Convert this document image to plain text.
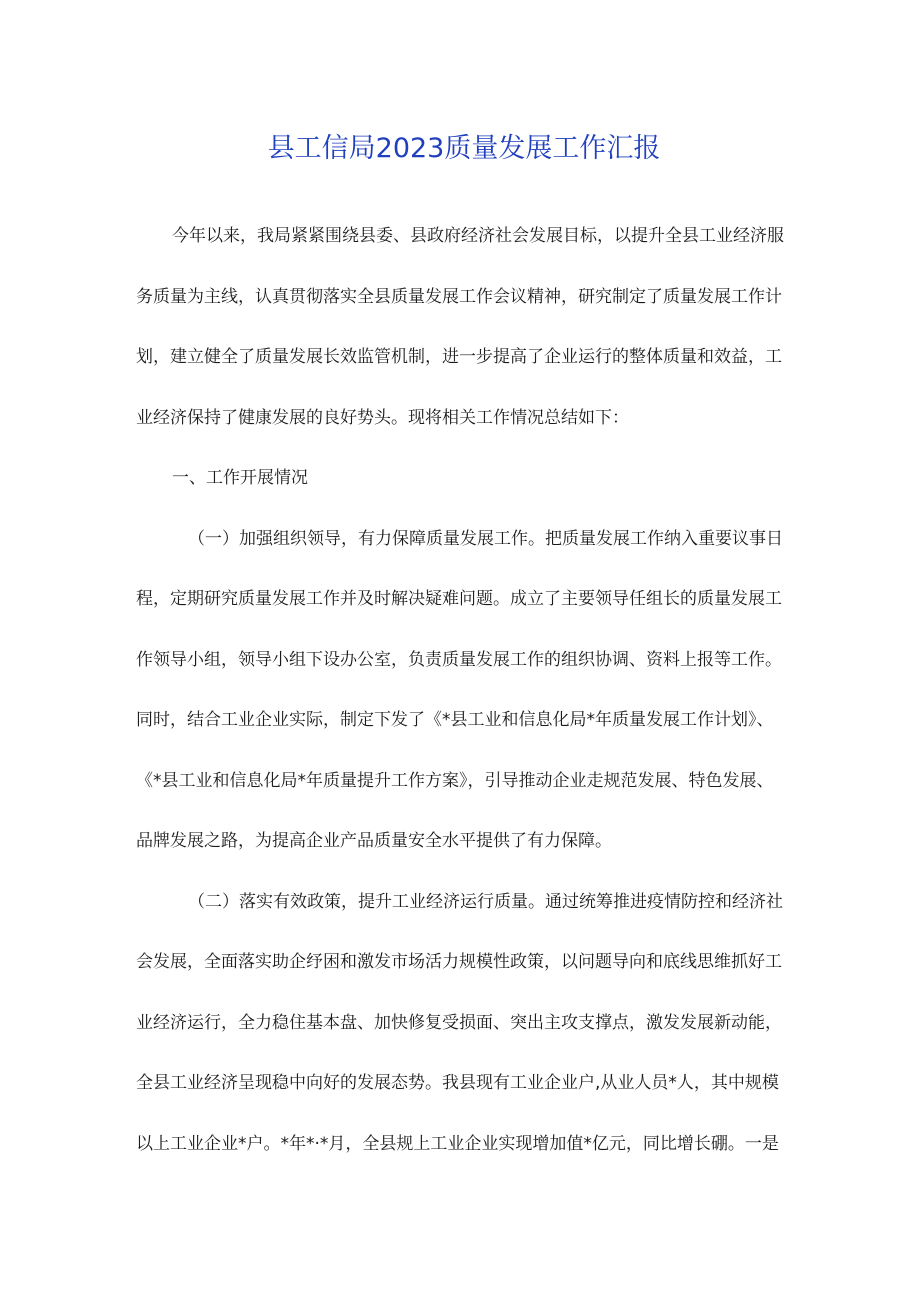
县工信局2023质量发展工作汇报
今年以来，我局紧紧围绕县委、县政府经济社会发展目标，以提升全县工业经济服
务质量为主线，认真贯彻落实全县质量发展工作会议精神，研究制定了质量发展工作计
划，建立健全了质量发展长效监管机制，进一步提高了企业运行的整体质量和效益，工
业经济保持了健康发展的良好势头。现将相关工作情况总结如下：
一、工作开展情况
（一）加强组织领导，有力保障质量发展工作。把质量发展工作纳入重要议事日
程，定期研究质量发展工作并及时解决疑难问题。成立了主要领导任组长的质量发展工
作领导小组，领导小组下设办公室，负责质量发展工作的组织协调、资料上报等工作。
同时，结合工业企业实际，制定下发了《*县工业和信息化局*年质量发展工作计划》、
《*县工业和信息化局*年质量提升工作方案》，引导推动企业走规范发展、特色发展、
品牌发展之路，为提高企业产品质量安全水平提供了有力保障。
（二）落实有效政策，提升工业经济运行质量。通过统筹推进疫情防控和经济社
会发展，全面落实助企纾困和激发市场活力规模性政策，以问题导向和底线思维抓好工
业经济运行，全力稳住基本盘、加快修复受损面、突出主攻支撑点，激发发展新动能，
全县工业经济呈现稳中向好的发展态势。我县现有工业企业户,从业人员*人，其中规模
以上工业企业*户。*年*·*月，全县规上工业企业实现增加值*亿元，同比增长硼。一是
